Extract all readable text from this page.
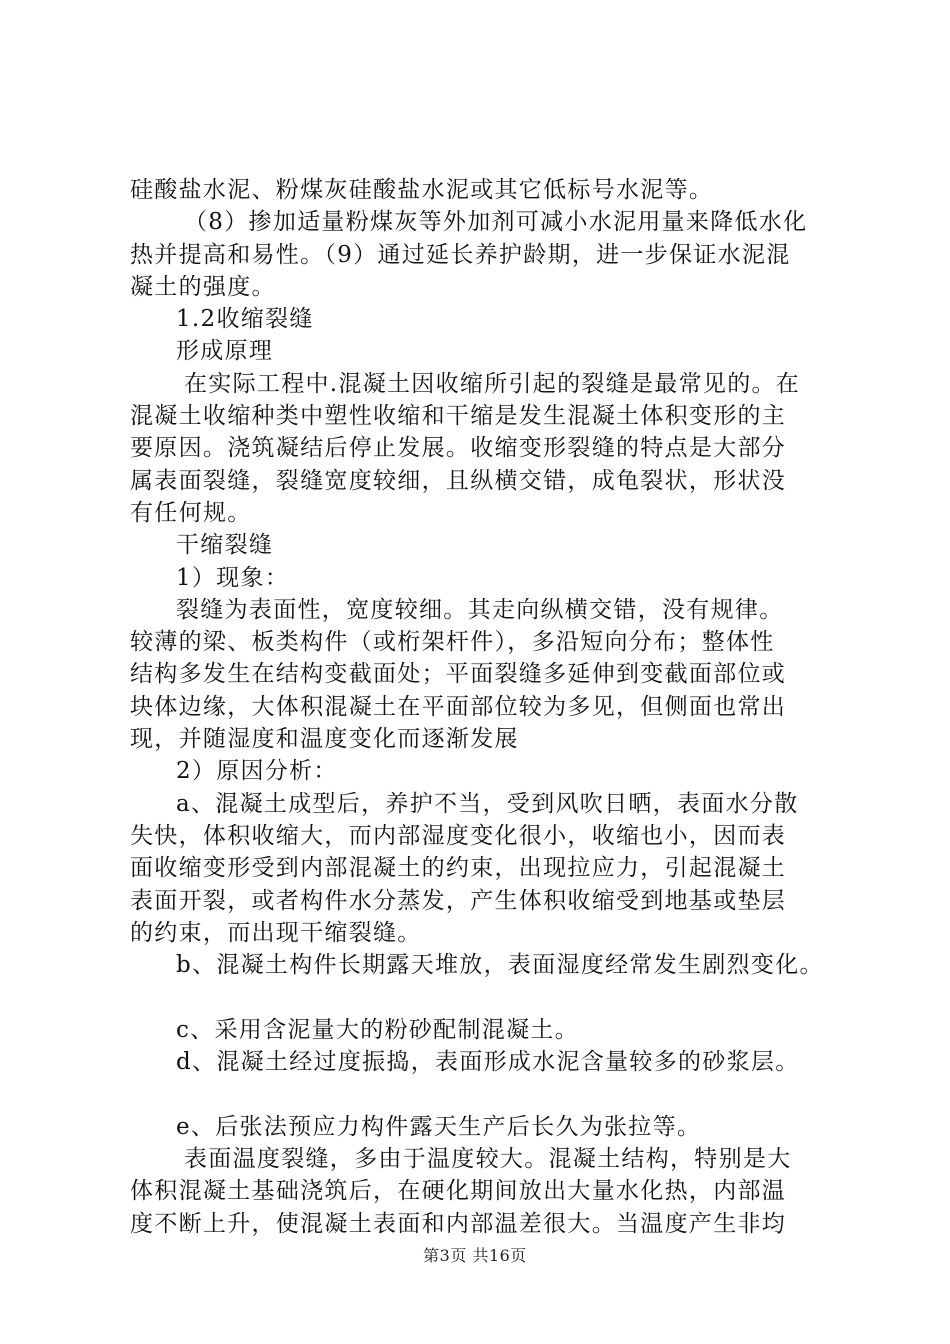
硅酸盐水泥、粉煤灰硅酸盐水泥或其它低标号水泥等。
（8）掺加适量粉煤灰等外加剂可减小水泥用量来降低水化
热并提高和易性。（9）通过延长养护龄期，进一步保证水泥混
凝土的强度。
1.2收缩裂缝
形成原理
在实际工程中.混凝土因收缩所引起的裂缝是最常见的。在
混凝土收缩种类中塑性收缩和干缩是发生混凝土体积变形的主
要原因。浇筑凝结后停止发展。收缩变形裂缝的特点是大部分
属表面裂缝，裂缝宽度较细，且纵横交错，成龟裂状，形状没
有任何规。
干缩裂缝
1）现象：
裂缝为表面性，宽度较细。其走向纵横交错，没有规律。
较薄的梁、板类构件（或桁架杆件），多沿短向分布；整体性
结构多发生在结构变截面处；平面裂缝多延伸到变截面部位或
块体边缘，大体积混凝土在平面部位较为多见，但侧面也常出
现，并随湿度和温度变化而逐渐发展
2）原因分析：
a、混凝土成型后，养护不当，受到风吹日晒，表面水分散
失快，体积收缩大，而内部湿度变化很小，收缩也小，因而表
面收缩变形受到内部混凝土的约束，出现拉应力，引起混凝土
表面开裂，或者构件水分蒸发，产生体积收缩受到地基或垫层
的约束，而出现干缩裂缝。
b、混凝土构件长期露天堆放，表面湿度经常发生剧烈变化。
c、采用含泥量大的粉砂配制混凝土。
d、混凝土经过度振捣，表面形成水泥含量较多的砂浆层。
e、后张法预应力构件露天生产后长久为张拉等。
表面温度裂缝，多由于温度较大。混凝土结构，特别是大
体积混凝土基础浇筑后，在硬化期间放出大量水化热，内部温
度不断上升，使混凝土表面和内部温差很大。当温度产生非均
第3页 共16页
